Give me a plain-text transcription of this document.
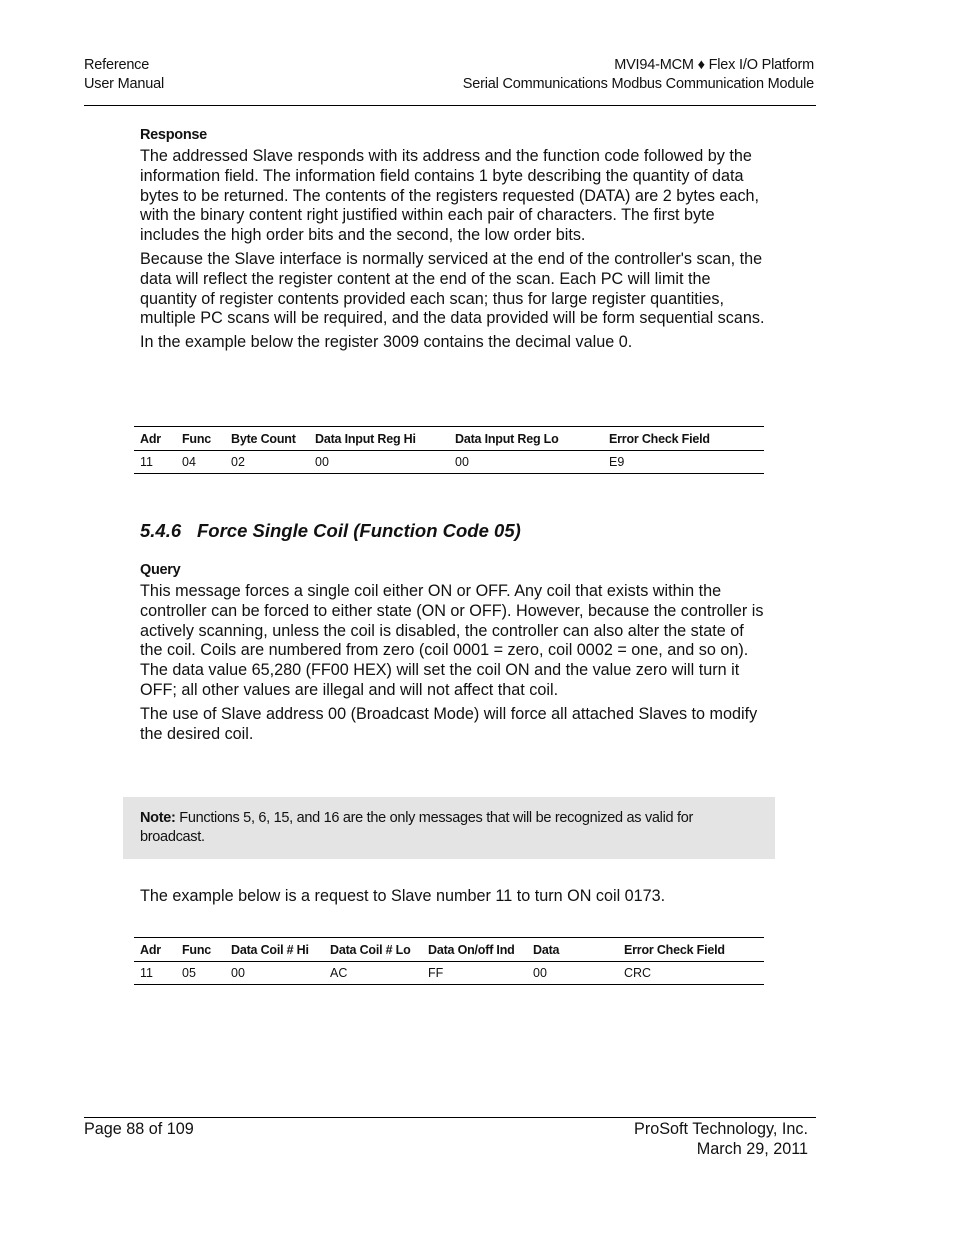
Reference
User Manual
MVI94-MCM ♦ Flex I/O Platform
Serial Communications Modbus Communication Module
Response

The addressed Slave responds with its address and the function code followed by the information field. The information field contains 1 byte describing the quantity of data bytes to be returned. The contents of the registers requested (DATA) are 2 bytes each, with the binary content right justified within each pair of characters. The first byte includes the high order bits and the second, the low order bits.

Because the Slave interface is normally serviced at the end of the controller's scan, the data will reflect the register content at the end of the scan. Each PC will limit the quantity of register contents provided each scan; thus for large register quantities, multiple PC scans will be required, and the data provided will be form sequential scans.

In the example below the register 3009 contains the decimal value 0.

Adr	Func	Byte Count	Data Input Reg Hi	Data Input Reg Lo	Error Check Field
11	04	02	00	00	E9
5.4.6 Force Single Coil (Function Code 05)
Query

This message forces a single coil either ON or OFF. Any coil that exists within the controller can be forced to either state (ON or OFF). However, because the controller is actively scanning, unless the coil is disabled, the controller can also alter the state of the coil. Coils are numbered from zero (coil 0001 = zero, coil 0002 = one, and so on). The data value 65,280 (FF00 HEX) will set the coil ON and the value zero will turn it OFF; all other values are illegal and will not affect that coil.

The use of Slave address 00 (Broadcast Mode) will force all attached Slaves to modify the desired coil.

Note: Functions 5, 6, 15, and 16 are the only messages that will be recognized as valid for broadcast.

The example below is a request to Slave number 11 to turn ON coil 0173.

Adr	Func	Data Coil # Hi	Data Coil # Lo	Data On/off Ind	Data	Error Check Field
11	05	00	AC	FF	00	CRC
Page 88 of 109	ProSoft Technology, Inc.
March 29, 2011
